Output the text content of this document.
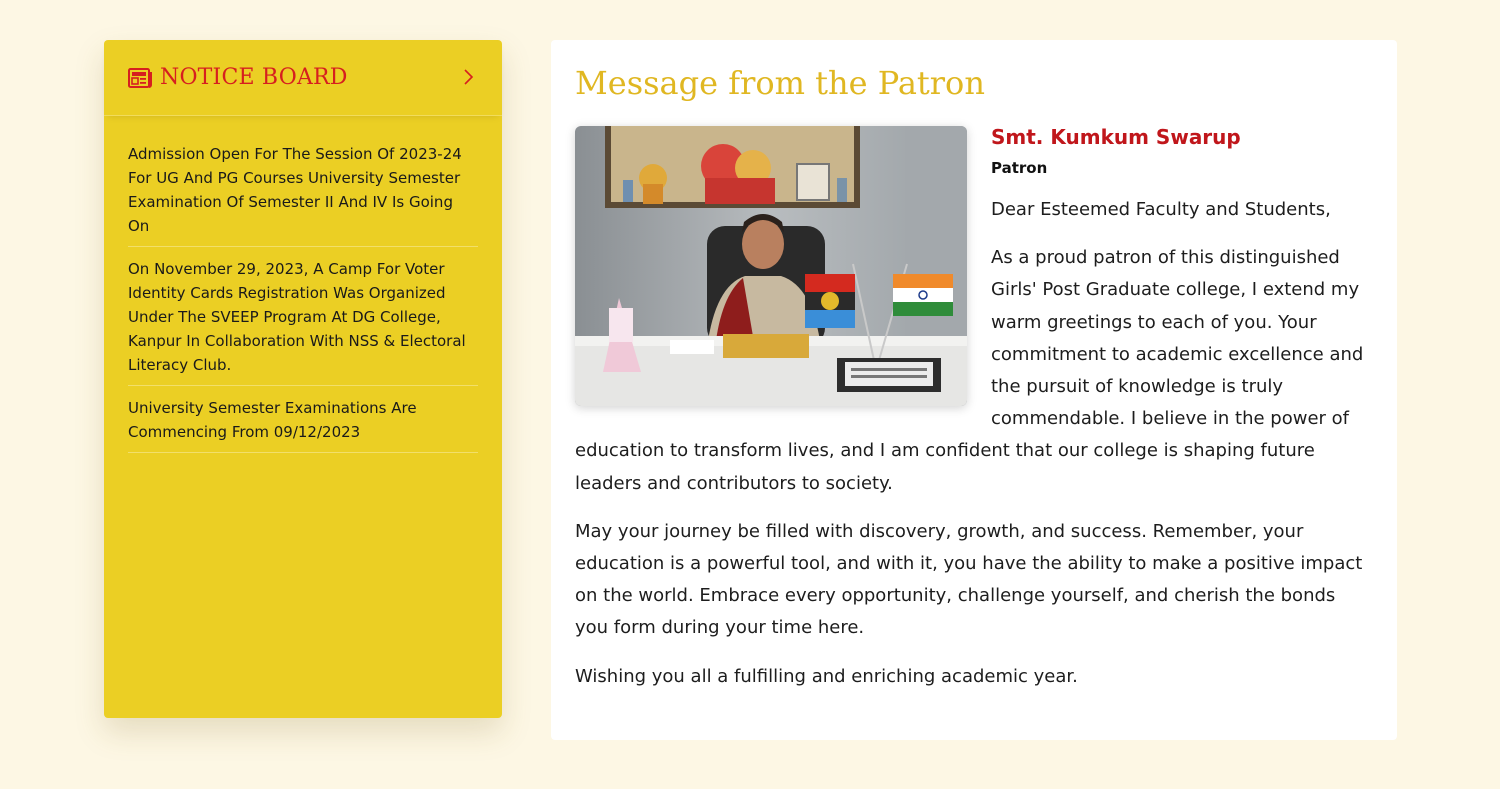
NOTICE BOARD
Admission Open For The Session Of 2023-24 For UG And PG Courses University Semester Examination Of Semester II And IV Is Going On
On November 29, 2023, A Camp For Voter Identity Cards Registration Was Organized Under The SVEEP Program At DG College, Kanpur In Collaboration With NSS & Electoral Literacy Club.
University Semester Examinations Are Commencing From 09/12/2023
Message from the Patron
Smt. Kumkum Swarup
Patron

Dear Esteemed Faculty and Students,

As a proud patron of this distinguished Girls' Post Graduate college, I extend my warm greetings to each of you. Your commitment to academic excellence and the pursuit of knowledge is truly commendable. I believe in the power of education to transform lives, and I am confident that our college is shaping future leaders and contributors to society.

May your journey be filled with discovery, growth, and success. Remember, your education is a powerful tool, and with it, you have the ability to make a positive impact on the world. Embrace every opportunity, challenge yourself, and cherish the bonds you form during your time here.

Wishing you all a fulfilling and enriching academic year.
